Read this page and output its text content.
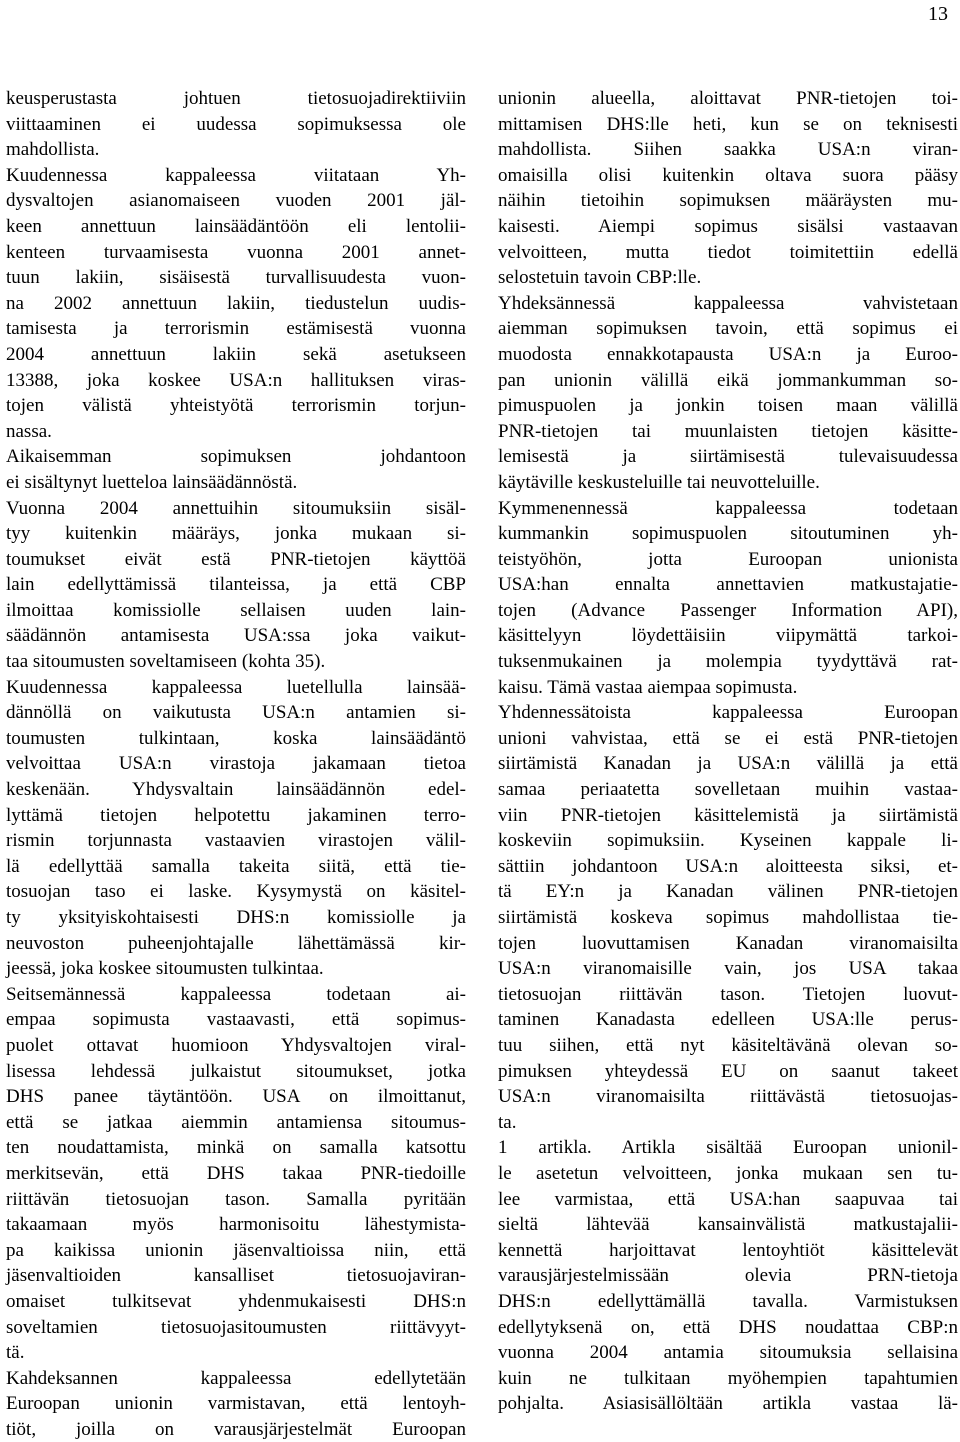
13
keusperustasta johtuen tietosuojadirektiiviin
viittaaminen ei uudessa sopimuksessa ole
mahdollista.
Kuudennessa kappaleessa viitataan Yh-
dysvaltojen asianomaiseen vuoden 2001 jäl-
keen annettuun lainsäädäntöön eli lentolii-
kenteen turvaamisesta vuonna 2001 annet-
tuun lakiin, sisäisestä turvallisuudesta vuon-
na 2002 annettuun lakiin, tiedustelun uudis-
tamisesta ja terrorismin estämisestä vuonna
2004 annettuun lakiin sekä asetukseen
13388, joka koskee USA:n hallituksen viras-
tojen välistä yhteistyötä terrorismin torjun-
nassa.
Aikaisemman sopimuksen johdantoon
ei sisältynyt luetteloa lainsäädännöstä.
Vuonna 2004 annettuihin sitoumuksiin sisäl-
tyy kuitenkin määräys, jonka mukaan si-
toumukset eivät estä PNR-tietojen käyttöä
lain edellyttämissä tilanteissa, ja että CBP
ilmoittaa komissiolle sellaisen uuden lain-
säädännön antamisesta USA:ssa joka vaikut-
taa sitoumusten soveltamiseen (kohta 35).
Kuudennessa kappaleessa luetellulla lainsää-
dännöllä on vaikutusta USA:n antamien si-
toumusten tulkintaan, koska lainsäädäntö
velvoittaa USA:n virastoja jakamaan tietoa
keskenään. Yhdysvaltain lainsäädännön edel-
lyttämä tietojen helpotettu jakaminen terro-
rismin torjunnasta vastaavien virastojen välil-
lä edellyttää samalla takeita siitä, että tie-
tosuojan taso ei laske. Kysymystä on käsitel-
ty yksityiskohtaisesti DHS:n komissiolle ja
neuvoston puheenjohtajalle lähettämässä kir-
jeessä, joka koskee sitoumusten tulkintaa.
Seitsemännessä kappaleessa todetaan ai-
empaa sopimusta vastaavasti, että sopimus-
puolet ottavat huomioon Yhdysvaltojen viral-
lisessa lehdessä julkaistut sitoumukset, jotka
DHS panee täytäntöön. USA on ilmoittanut,
että se jatkaa aiemmin antamiensa sitoumus-
ten noudattamista, minkä on samalla katsottu
merkitsevän, että DHS takaa PNR-tiedoille
riittävän tietosuojan tason. Samalla pyritään
takaamaan myös harmonisoitu lähestymista-
pa kaikissa unionin jäsenvaltioissa niin, että
jäsenvaltioiden kansalliset tietosuojaviran-
omaiset tulkitsevat yhdenmukaisesti DHS:n
soveltamien tietosuojasitoumusten riittävyyt-
tä.
Kahdeksannen kappaleessa edellytetään
Euroopan unionin varmistavan, että lentoyh-
tiöt, joilla on varausjärjestelmät Euroopan
unionin alueella, aloittavat PNR-tietojen toi-
mittamisen DHS:lle heti, kun se on teknisesti
mahdollista. Siihen saakka USA:n viran-
omaisilla olisi kuitenkin oltava suora pääsy
näihin tietoihin sopimuksen määräysten mu-
kaisesti. Aiempi sopimus sisälsi vastaavan
velvoitteen, mutta tiedot toimitettiin edellä
selostetuin tavoin CBP:lle.
Yhdeksännessä kappaleessa vahvistetaan
aiemman sopimuksen tavoin, että sopimus ei
muodosta ennakkotapausta USA:n ja Euroo-
pan unionin välillä eikä jommankumman so-
pimuspuolen ja jonkin toisen maan välillä
PNR-tietojen tai muunlaisten tietojen käsitte-
lemisestä ja siirtämisestä tulevaisuudessa
käytäville keskusteluille tai neuvotteluille.
Kymmenennessä kappaleessa todetaan
kummankin sopimuspuolen sitoutuminen yh-
teistyöhön, jotta Euroopan unionista
USA:han ennalta annettavien matkustajatie-
tojen (Advance Passenger Information API),
käsittelyyn löydettäisiin viipymättä tarkoi-
tuksenmukainen ja molempia tyydyttävä rat-
kaisu. Tämä vastaa aiempaa sopimusta.
Yhdennessätoista kappaleessa Euroopan
unioni vahvistaa, että se ei estä PNR-tietojen
siirtämistä Kanadan ja USA:n välillä ja että
samaa periaatetta sovelletaan muihin vastaa-
viin PNR-tietojen käsittelemistä ja siirtämistä
koskeviin sopimuksiin. Kyseinen kappale li-
sättiin johdantoon USA:n aloitteesta siksi, et-
tä EY:n ja Kanadan välinen PNR-tietojen
siirtämistä koskeva sopimus mahdollistaa tie-
tojen luovuttamisen Kanadan viranomaisilta
USA:n viranomaisille vain, jos USA takaa
tietosuojan riittävän tason. Tietojen luovut-
taminen Kanadasta edelleen USA:lle perus-
tuu siihen, että nyt käsiteltävänä olevan so-
pimuksen yhteydessä EU on saanut takeet
USA:n viranomaisilta riittävästä tietosuojas-
ta.
1 artikla. Artikla sisältää Euroopan unionil-
le asetetun velvoitteen, jonka mukaan sen tu-
lee varmistaa, että USA:han saapuvaa tai
sieltä lähtevää kansainvälistä matkustajalii-
kennettä harjoittavat lentoyhtiöt käsittelevät
varausjärjestelmissään olevia PRN-tietoja
DHS:n edellyttämällä tavalla. Varmistuksen
edellytyksenä on, että DHS noudattaa CBP:n
vuonna 2004 antamia sitoumuksia sellaisina
kuin ne tulkitaan myöhempien tapahtumien
pohjalta. Asiasisällöltään artikla vastaa lä-
